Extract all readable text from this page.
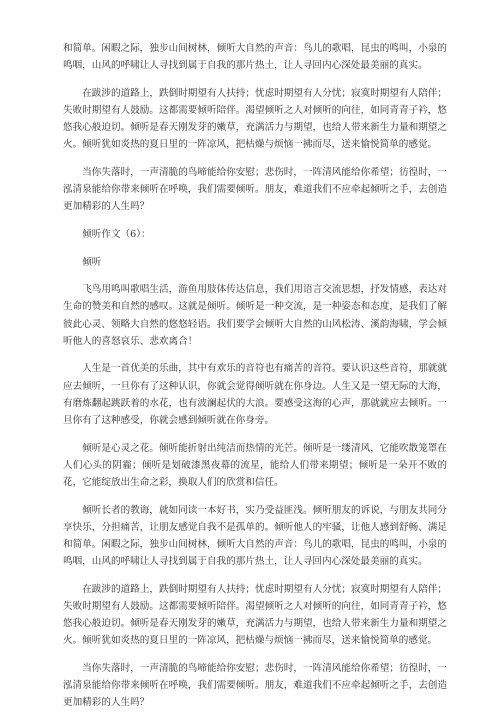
和简单。闲暇之际，独步山间树林，倾听大自然的声音：鸟儿的歌唱，昆虫的鸣叫，小泉的鸣咽，山风的呼啸让人寻找到属于自我的那片热土，让人寻回内心深处最美丽的真实。

在跋涉的道路上，跌倒时期望有人扶持；忧虑时期望有人分忧；寂寞时期望有人陪伴；失败时期望有人鼓励。这都需要倾听陪伴。渴望倾听之人对倾听的向往，如同青青子衿，悠悠我心般迫切。倾听是春天刚发芽的嫩草，充满活力与期望，也给人带来新生力量和期望之火。倾听犹如炎热的夏日里的一阵凉风，把枯燥与烦恼一拂而尽，送来愉悦简单的感觉。

当你失落时，一声清脆的鸟啼能给你安慰；悲伤时，一阵清风能给你希望；彷徨时，一泓清泉能给你带来倾听在呼唤，我们需要倾听。朋友，难道我们不应牵起倾听之手，去创造更加精彩的人生吗？

倾听作文（6）：

倾听

飞鸟用鸣叫歌唱生活，游鱼用肢体传达信息，我们用语言交流思想，抒发情感，表达对生命的赞美和自然的感叹。这就是倾听。倾听是一种交流，是一种姿态和态度，是我们了解彼此心灵、领略大自然的悠悠轻语。我们要学会倾听大自然的山风松涛、溪韵海啸，学会倾听他人的喜怒哀乐、悲欢离合！

人生是一首优美的乐曲，其中有欢乐的音符也有痛苦的音符。要认识这些音符，那就就应去倾听，一旦你有了这种认识，你就会觉得倾听就在你身边。人生又是一望无际的大海，有磨炼翻起跳跃着的水花，也有波澜起伏的大浪。要感受这海的心声，那就就应去倾听。一旦你有了这种感受，你就会感到倾听就在你身旁。

倾听是心灵之花。倾听能折射出纯洁而热情的光芒。倾听是一缕清风，它能吹散笼罩在人们心头的阴霾；倾听是划破漆黑夜幕的流星，能给人们带来期望；倾听是一朵开不败的花，它能绽放出生命之彩，换取人们的欣赏和信任。

倾听长者的教诲，就如同读一本好书，实乃受益匪浅。倾听朋友的诉说，与朋友共同分享快乐，分担痛苦，让朋友感觉自我不是孤单的。倾听他人的牢骚，让他人感到舒畅、满足和简单。闲暇之际，独步山间树林，倾听大自然的声音：鸟儿的歌唱，昆虫的鸣叫，小泉的鸣咽，山风的呼啸让人寻找到属于自我的那片热土，让人寻回内心深处最美丽的真实。

在跋涉的道路上，跌倒时期望有人扶持；忧虑时期望有人分忧；寂寞时期望有人陪伴；失败时期望有人鼓励。这都需要倾听陪伴。渴望倾听之人对倾听的向往，如同青青子衿，悠悠我心般迫切。倾听是春天刚发芽的嫩草，充满活力与期望，也给人带来新生力量和期望之火。倾听犹如炎热的夏日里的一阵凉风，把枯燥与烦恼一拂而尽，送来愉悦简单的感觉。

当你失落时，一声清脆的鸟啼能给你安慰；悲伤时，一阵清风能给你希望；彷徨时，一泓清泉能给你带来倾听在呼唤，我们需要倾听。朋友，难道我们不应牵起倾听之手，去创造更加精彩的人生吗？
